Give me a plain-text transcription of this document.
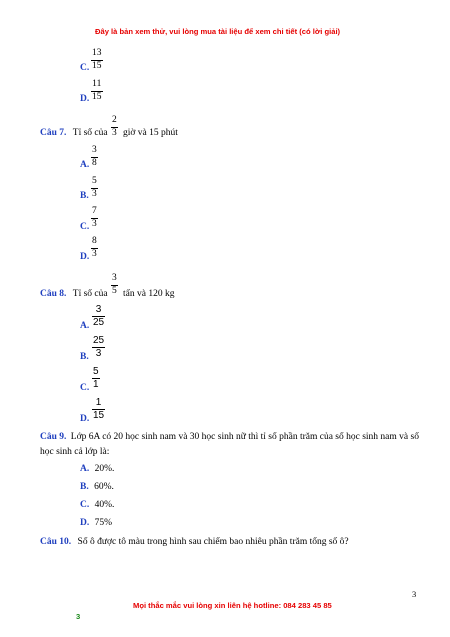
Đây là bản xem thử, vui lòng mua tài liệu để xem chi tiết (có lời giải)
C.
13
15
D.
11
15
Câu 7. Tỉ số của
2
3 giờ và 15 phút
A.
3
8
B.
5
3
C.
7
3
D.
8
3
Câu 8. Tỉ số của
3
5 tấn và 120 kg
A.
3
25
B.
25
3
C.
5
1
D.
1
15
Câu 9. Lớp 6A có 20 học sinh nam và 30 học sinh nữ thì tỉ số phần trăm của số học sinh nam và số
học sinh cả lớp là:
A. 20%.
B. 60%.
C. 40%.
D. 75%
Câu 10. Số ô được tô màu trong hình sau chiếm bao nhiêu phần trăm tổng số ô?
3
Mọi thắc mắc vui lòng xin liên hệ hotline: 084 283 45 85
3
